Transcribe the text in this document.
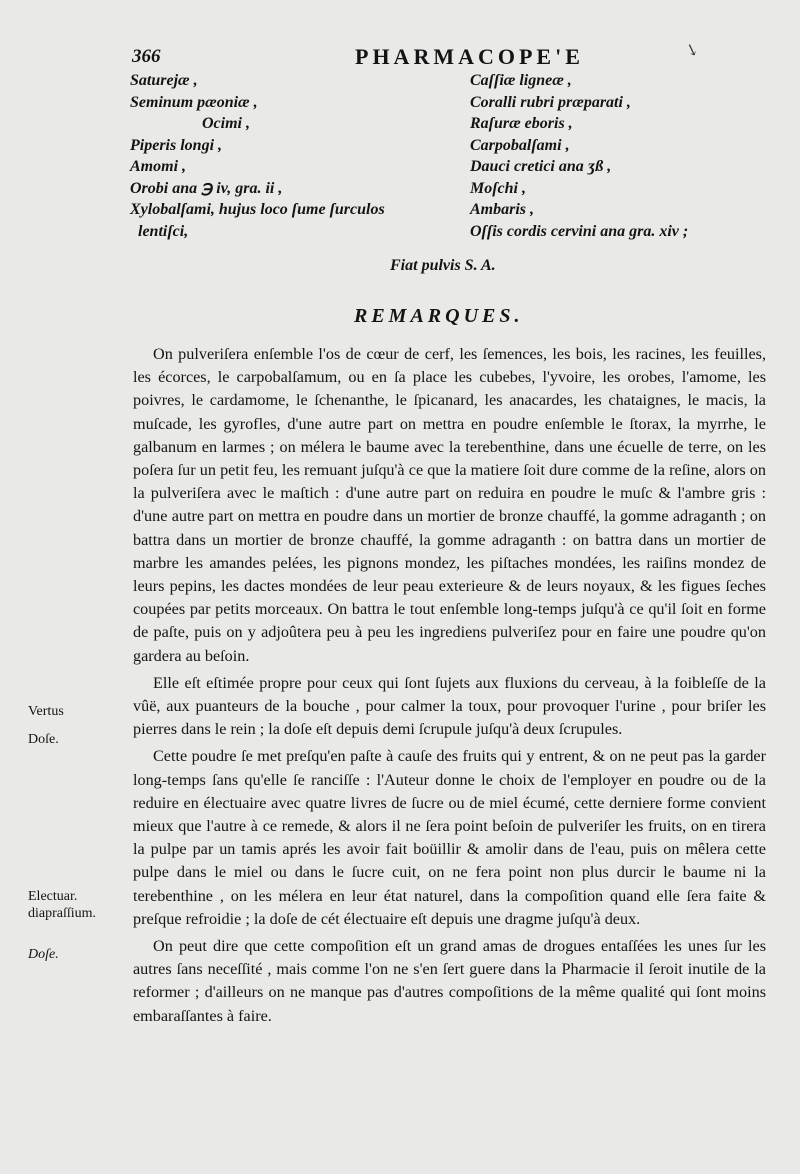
366	PHARMACOPE'E
Saturejæ ,
Seminum pæoniæ ,
Ocimi ,
Piperis longi ,
Amomi ,
Orobi ana ℈ iv, gra. ii ,
Xylobalſami, hujus loco ſume ſurculos
lentiſci,
Caſſiæ ligneæ ,
Coralli rubri præparati ,
Raſuræ eboris ,
Carpobalſami ,
Dauci cretici ana ʒß ,
Moſchi ,
Ambaris ,
Oſſis cordis cervini ana gra. xiv ;
Fiat pulvis S. A.
REMARQUES.

On pulveriſera enſemble l'os de cœur de cerf, les ſemences, les bois, les racines, les feuilles, les écorces, le carpobalſamum, ou en ſa place les cubebes, l'yvoire, les orobes, l'amome, les poivres, le cardamome, le ſchenanthe, le ſpicanard, les anacardes, les chataignes, le macis, la muſcade, les gyrofles, d'une autre part on mettra en poudre enſemble le ſtorax, la myrrhe, le galbanum en larmes ; on mélera le baume avec la terebenthine, dans une écuelle de terre, on les poſera ſur un petit feu, les remuant juſqu'à ce que la matiere ſoit dure comme de la reſine, alors on la pulveriſera avec le maſtich : d'une autre part on reduira en poudre le muſc & l'ambre gris : d'une autre part on mettra en poudre dans un mortier de bronze chauffé, la gomme adraganth ; on battra dans un mortier de bronze chauffé, la gomme adraganth : on battra dans un mortier de marbre les amandes pelées, les pignons mondez, les piſtaches mondées, les raiſins mondez de leurs pepins, les dactes mondées de leur peau exterieure & de leurs noyaux, & les figues ſeches coupées par petits morceaux. On battra le tout enſemble long-temps juſqu'à ce qu'il ſoit en forme de paſte, puis on y adjoûtera peu à peu les ingrediens pulveriſez pour en faire une poudre qu'on gardera au beſoin.

Elle eſt eſtimée propre pour ceux qui ſont ſujets aux fluxions du cerveau, à la foibleſſe de la vûë, aux puanteurs de la bouche , pour calmer la toux, pour provoquer l'urine , pour briſer les pierres dans le rein ; la doſe eſt depuis demi ſcrupule juſqu'à deux ſcrupules.

Cette poudre ſe met preſqu'en paſte à cauſe des fruits qui y entrent, & on ne peut pas la garder long-temps ſans qu'elle ſe ranciſſe : l'Auteur donne le choix de l'employer en poudre ou de la reduire en électuaire avec quatre livres de ſucre ou de miel écumé, cette derniere forme convient mieux que l'autre à ce remede, & alors il ne ſera point beſoin de pulveriſer les fruits, on en tirera la pulpe par un tamis aprés les avoir fait boüillir & amolir dans de l'eau, puis on mêlera cette pulpe dans le miel ou dans le ſucre cuit, on ne fera point non plus durcir le baume ni la terebenthine , on les mélera en leur état naturel, dans la compoſition quand elle ſera faite & preſque refroidie ; la doſe de cét électuaire eſt depuis une dragme juſqu'à deux.

On peut dire que cette compoſition eſt un grand amas de drogues entaſſées les unes ſur les autres ſans neceſſité , mais comme l'on ne s'en ſert guere dans la Pharmacie il ſeroit inutile de la reformer ; d'ailleurs on ne manque pas d'autres compoſitions de la même qualité qui ſont moins embaraſſantes à faire.

Vertus
Doſe.
Electuar. diapraſſium.
Doſe.
↘
